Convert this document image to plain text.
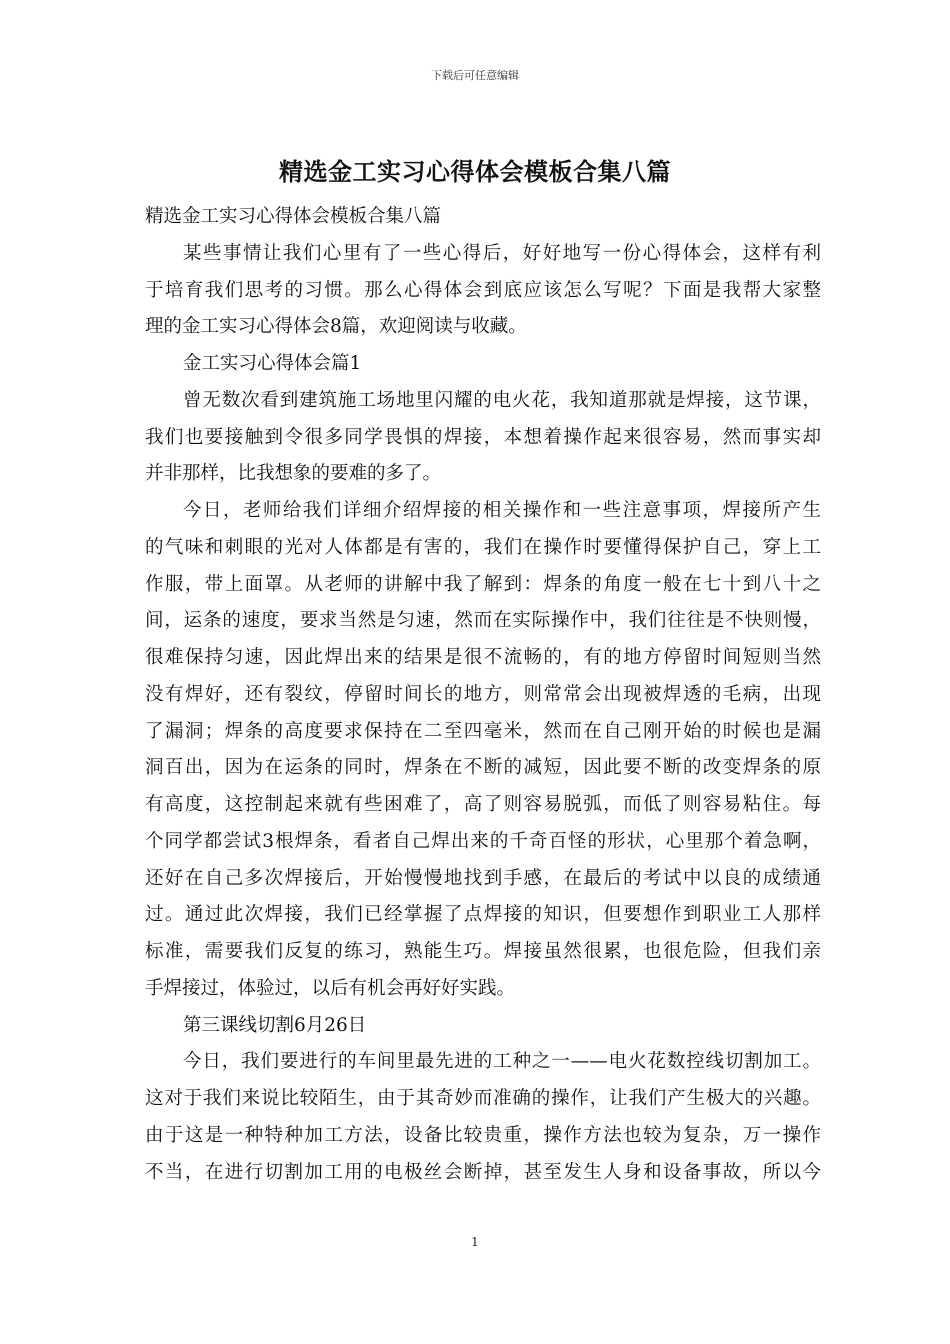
下载后可任意编辑
精选金工实习心得体会模板合集八篇
精选金工实习心得体会模板合集八篇
某些事情让我们心里有了一些心得后，好好地写一份心得体会，这样有利
于培育我们思考的习惯。那么心得体会到底应该怎么写呢？下面是我帮大家整
理的金工实习心得体会8篇，欢迎阅读与收藏。
金工实习心得体会篇1
曾无数次看到建筑施工场地里闪耀的电火花，我知道那就是焊接，这节课，
我们也要接触到令很多同学畏惧的焊接，本想着操作起来很容易，然而事实却
并非那样，比我想象的要难的多了。
今日，老师给我们详细介绍焊接的相关操作和一些注意事项，焊接所产生
的气味和刺眼的光对人体都是有害的，我们在操作时要懂得保护自己，穿上工
作服，带上面罩。从老师的讲解中我了解到：焊条的角度一般在七十到八十之
间，运条的速度，要求当然是匀速，然而在实际操作中，我们往往是不快则慢，
很难保持匀速，因此焊出来的结果是很不流畅的，有的地方停留时间短则当然
没有焊好，还有裂纹，停留时间长的地方，则常常会出现被焊透的毛病，出现
了漏洞；焊条的高度要求保持在二至四毫米，然而在自己刚开始的时候也是漏
洞百出，因为在运条的同时，焊条在不断的减短，因此要不断的改变焊条的原
有高度，这控制起来就有些困难了，高了则容易脱弧，而低了则容易粘住。每
个同学都尝试3根焊条，看者自己焊出来的千奇百怪的形状，心里那个着急啊，
还好在自己多次焊接后，开始慢慢地找到手感，在最后的考试中以良的成绩通
过。通过此次焊接，我们已经掌握了点焊接的知识，但要想作到职业工人那样
标准，需要我们反复的练习，熟能生巧。焊接虽然很累，也很危险，但我们亲
手焊接过，体验过，以后有机会再好好实践。
第三课线切割6月26日
今日，我们要进行的车间里最先进的工种之一——电火花数控线切割加工。
这对于我们来说比较陌生，由于其奇妙而准确的操作，让我们产生极大的兴趣。
由于这是一种特种加工方法，设备比较贵重，操作方法也较为复杂，万一操作
不当，在进行切割加工用的电极丝会断掉，甚至发生人身和设备事故，所以今
1
